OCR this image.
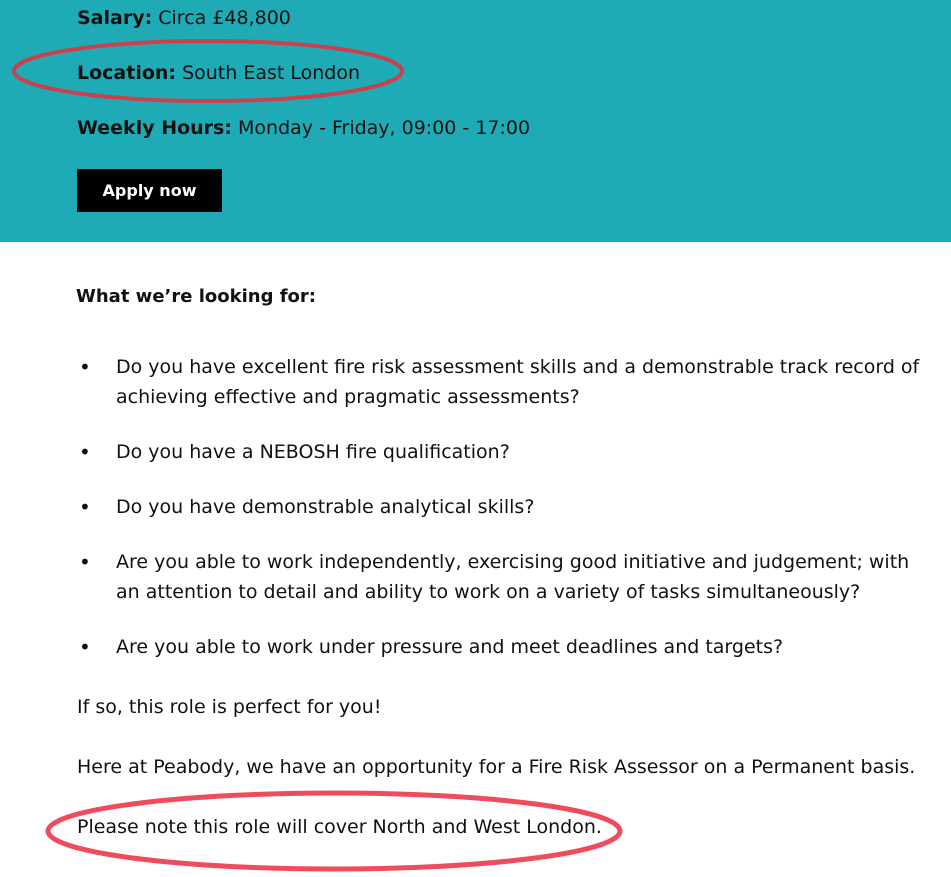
Salary: Circa £48,800
Location: South East London
Weekly Hours: Monday - Friday, 09:00 - 17:00
Apply now
What we’re looking for:
• Do you have excellent fire risk assessment skills and a demonstrable track record of achieving effective and pragmatic assessments?
• Do you have a NEBOSH fire qualification?
• Do you have demonstrable analytical skills?
• Are you able to work independently, exercising good initiative and judgement; with an attention to detail and ability to work on a variety of tasks simultaneously?
• Are you able to work under pressure and meet deadlines and targets?
If so, this role is perfect for you!
Here at Peabody, we have an opportunity for a Fire Risk Assessor on a Permanent basis.
Please note this role will cover North and West London.
